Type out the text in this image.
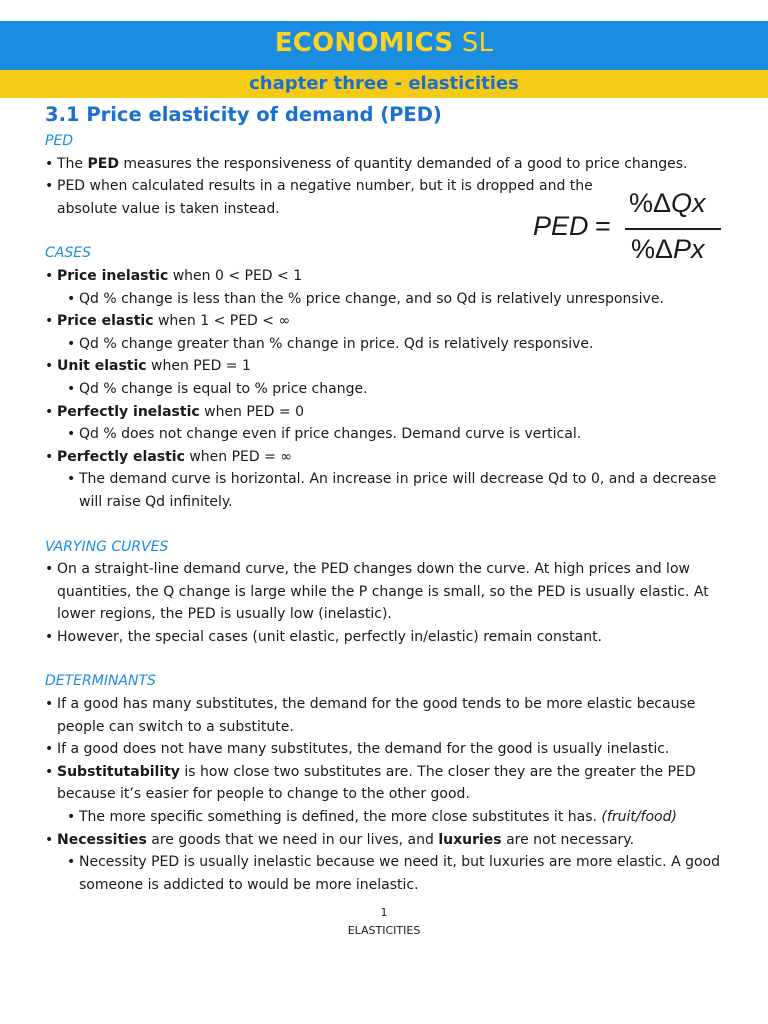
ECONOMICS SL
chapter three - elasticities
PED =
%ΔQx
%ΔPx
3.1 Price elasticity of demand (PED)
PED
• The PED measures the responsiveness of quantity demanded of a good to price changes.
• PED when calculated results in a negative number, but it is dropped and the absolute value is taken instead.
CASES
• Price inelastic when 0 < PED < 1
• Qd % change is less than the % price change, and so Qd is relatively unresponsive.
• Price elastic when 1 < PED < ∞
• Qd % change greater than % change in price. Qd is relatively responsive.
• Unit elastic when PED = 1
• Qd % change is equal to % price change.
• Perfectly inelastic when PED = 0
• Qd % does not change even if price changes. Demand curve is vertical.
• Perfectly elastic when PED = ∞
• The demand curve is horizontal. An increase in price will decrease Qd to 0, and a decrease will raise Qd infinitely.
VARYING CURVES
• On a straight-line demand curve, the PED changes down the curve. At high prices and low quantities, the Q change is large while the P change is small, so the PED is usually elastic. At lower regions, the PED is usually low (inelastic).
• However, the special cases (unit elastic, perfectly in/elastic) remain constant.
DETERMINANTS
• If a good has many substitutes, the demand for the good tends to be more elastic because people can switch to a substitute.
• If a good does not have many substitutes, the demand for the good is usually inelastic.
• Substitutability is how close two substitutes are. The closer they are the greater the PED because it’s easier for people to change to the other good.
• The more specific something is defined, the more close substitutes it has. (fruit/food)
• Necessities are goods that we need in our lives, and luxuries are not necessary.
• Necessity PED is usually inelastic because we need it, but luxuries are more elastic. A good someone is addicted to would be more inelastic.
1
ELASTICITIES
